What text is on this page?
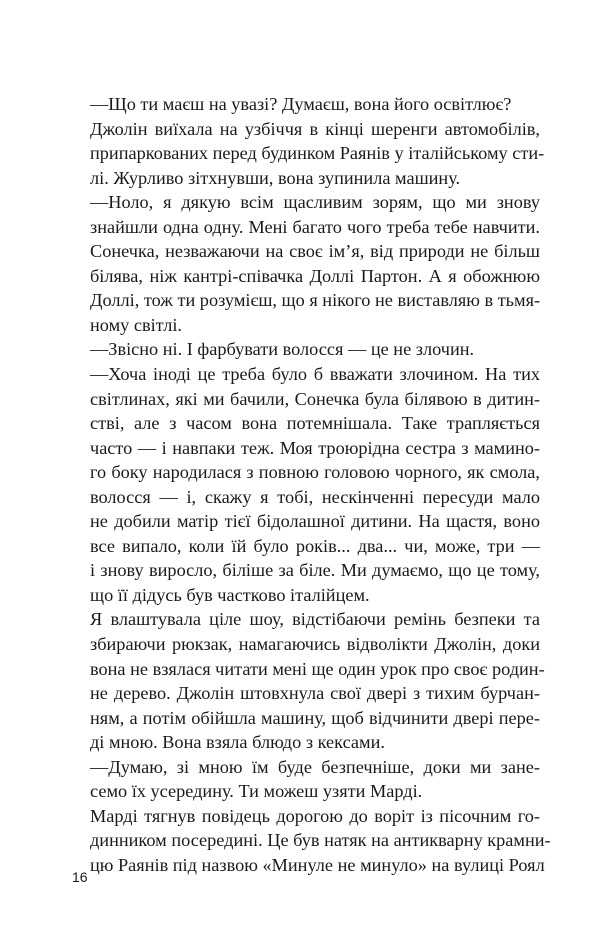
—Що ти маєш на увазі? Думаєш, вона його освітлює?

Джолін виїхала на узбіччя в кінці шеренги автомобілів,
припаркованих перед будинком Раянів у італійському сти-
лі. Журливо зітхнувши, вона зупинила машину.

—Ноло, я дякую всім щасливим зорям, що ми знову
знайшли одна одну. Мені багато чого треба тебе навчити.
Сонечка, незважаючи на своє ім’я, від природи не більш
білява, ніж кантрі-співачка Доллі Партон. А я обожнюю
Доллі, тож ти розумієш, що я нікого не виставляю в тьмя-
ному світлі.

—Звісно ні. І фарбувати волосся — це не злочин.

—Хоча іноді це треба було б вважати злочином. На тих
світлинах, які ми бачили, Сонечка була білявою в дитин-
стві, але з часом вона потемнішала. Таке трапляється
часто — і навпаки теж. Моя троюрідна сестра з мамино-
го боку народилася з повною головою чорного, як смола,
волосся — і, скажу я тобі, нескінченні пересуди мало
не добили матір тієї бідолашної дитини. На щастя, воно
все випало, коли їй було років... два... чи, може, три —
і знову виросло, біліше за біле. Ми думаємо, що це тому,
що її дідусь був частково італійцем.

Я влаштувала цілe шоу, відстібаючи ремінь безпеки та
збираючи рюкзак, намагаючись відволікти Джолін, доки
вона не взялася читати мені ще один урок про своє родин-
не дерево. Джолін штовхнула свої двері з тихим бурчан-
ням, а потім обійшла машину, щоб відчинити двері пере-
ді мною. Вона взяла блюдо з кексами.

—Думаю, зі мною їм буде безпечніше, доки ми зане-
семо їх усередину. Ти можеш узяти Марді.

Марді тягнув повідець дорогою до воріт із пісочним го-
динником посередині. Це був натяк на антикварну крамни-
цю Раянів під назвою «Минуле не минуло» на вулиці Роял

16
